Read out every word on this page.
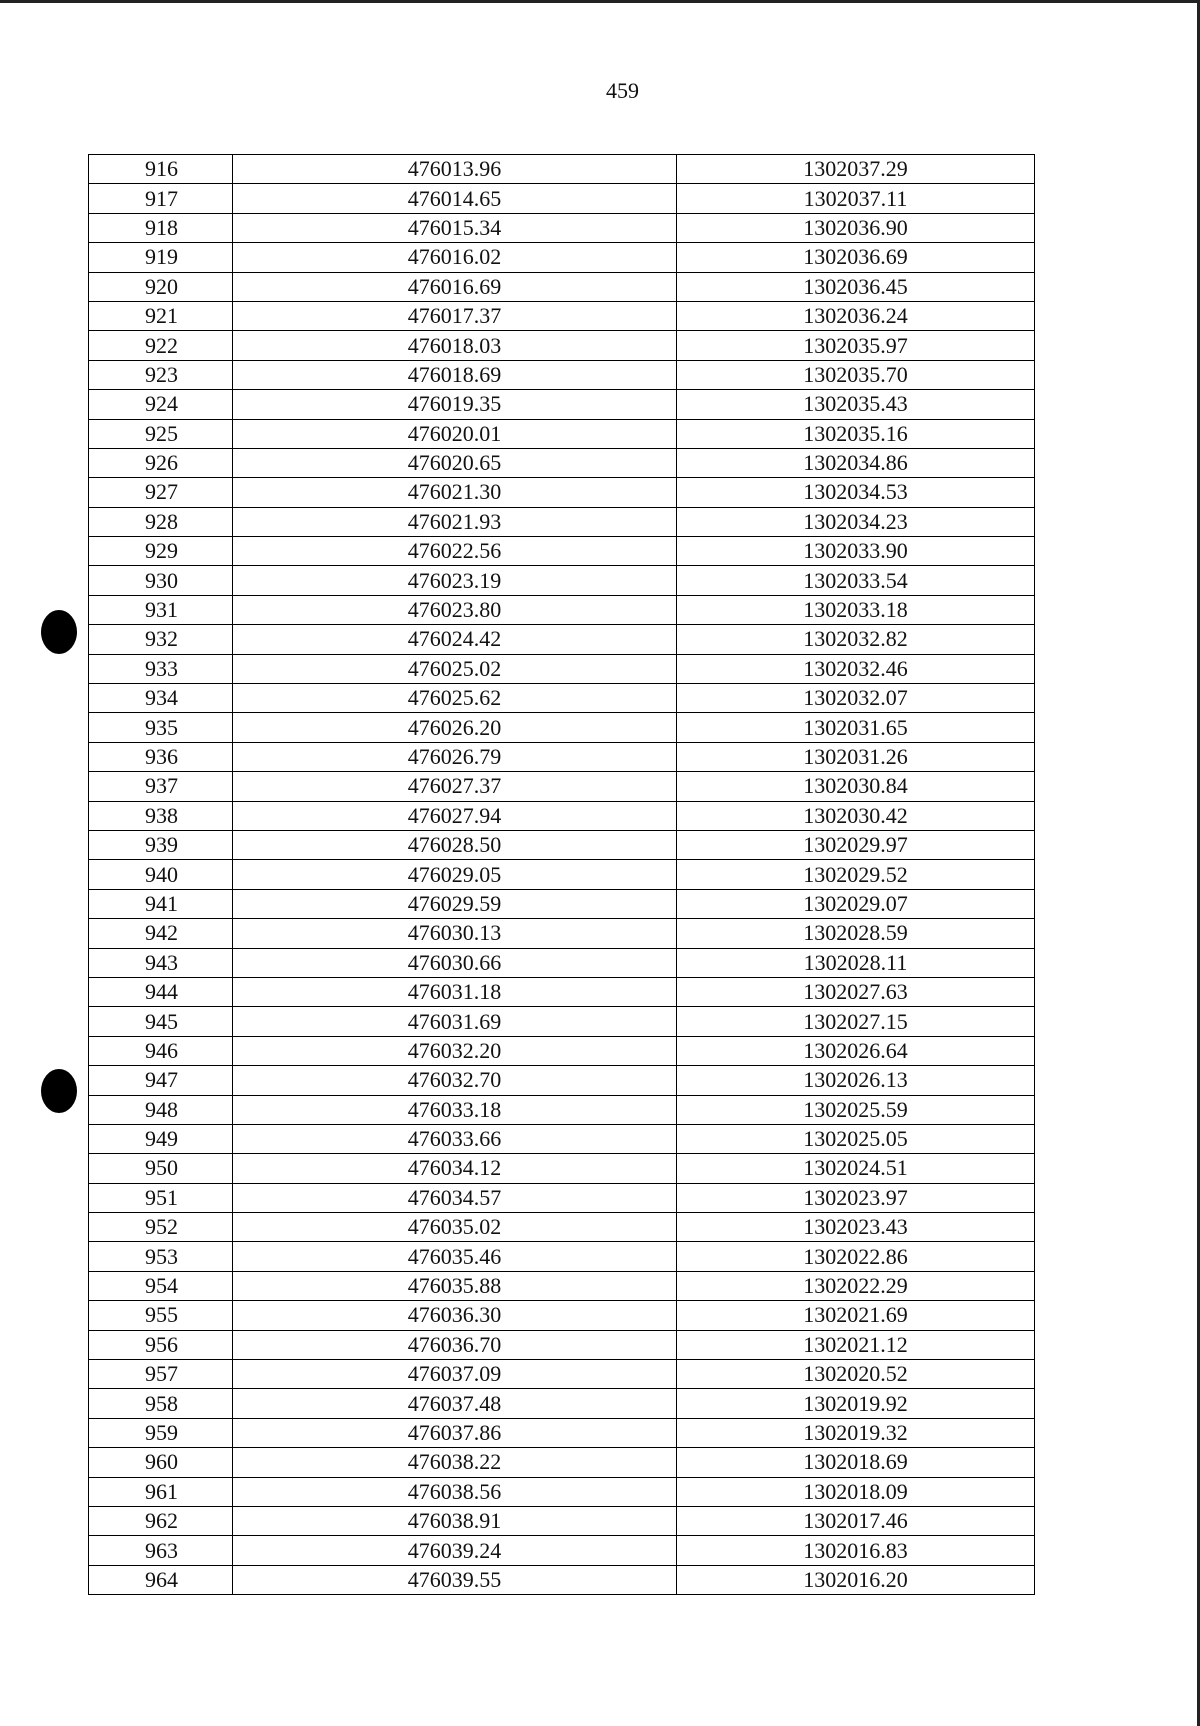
459
916	476013.96	1302037.29
917	476014.65	1302037.11
918	476015.34	1302036.90
919	476016.02	1302036.69
920	476016.69	1302036.45
921	476017.37	1302036.24
922	476018.03	1302035.97
923	476018.69	1302035.70
924	476019.35	1302035.43
925	476020.01	1302035.16
926	476020.65	1302034.86
927	476021.30	1302034.53
928	476021.93	1302034.23
929	476022.56	1302033.90
930	476023.19	1302033.54
931	476023.80	1302033.18
932	476024.42	1302032.82
933	476025.02	1302032.46
934	476025.62	1302032.07
935	476026.20	1302031.65
936	476026.79	1302031.26
937	476027.37	1302030.84
938	476027.94	1302030.42
939	476028.50	1302029.97
940	476029.05	1302029.52
941	476029.59	1302029.07
942	476030.13	1302028.59
943	476030.66	1302028.11
944	476031.18	1302027.63
945	476031.69	1302027.15
946	476032.20	1302026.64
947	476032.70	1302026.13
948	476033.18	1302025.59
949	476033.66	1302025.05
950	476034.12	1302024.51
951	476034.57	1302023.97
952	476035.02	1302023.43
953	476035.46	1302022.86
954	476035.88	1302022.29
955	476036.30	1302021.69
956	476036.70	1302021.12
957	476037.09	1302020.52
958	476037.48	1302019.92
959	476037.86	1302019.32
960	476038.22	1302018.69
961	476038.56	1302018.09
962	476038.91	1302017.46
963	476039.24	1302016.83
964	476039.55	1302016.20
